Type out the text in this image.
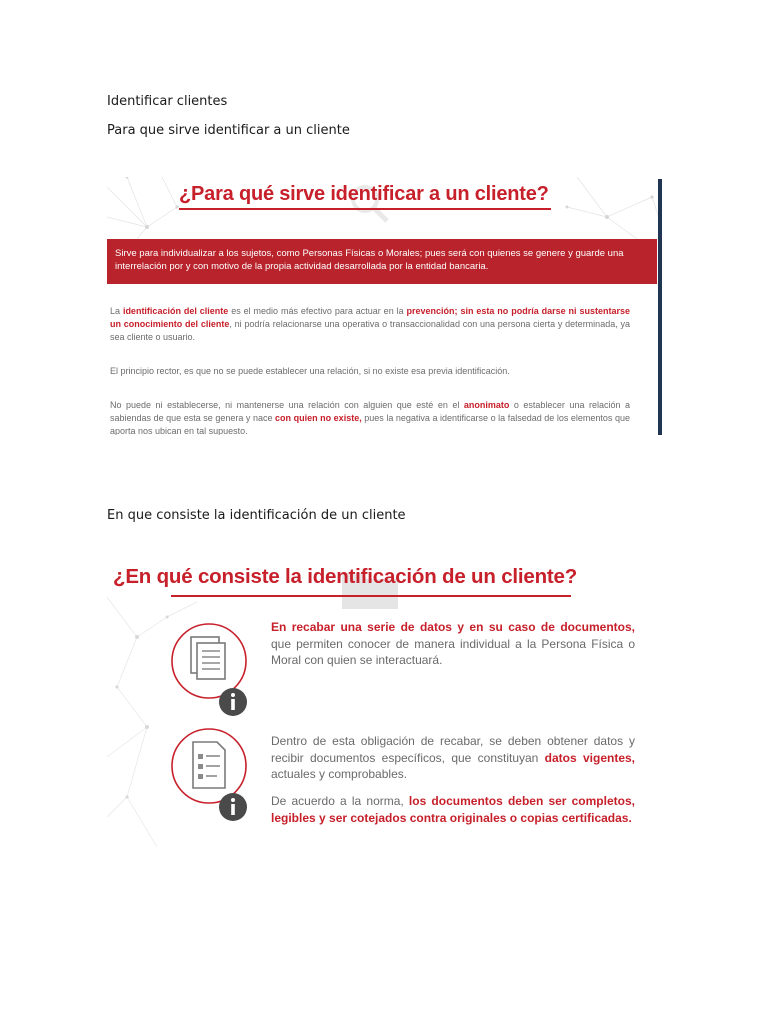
Identificar clientes
Para que sirve identificar a un cliente
¿Para qué sirve identificar a un cliente?
Sirve para individualizar a los sujetos, como Personas Físicas o Morales; pues será con quienes se genere y guarde una interrelación por y con motivo de la propia actividad desarrollada por la entidad bancaria.
La identificación del cliente es el medio más efectivo para actuar en la prevención; sin esta no podría darse ni sustentarse un conocimiento del cliente, ni podría relacionarse una operativa o transaccionalidad con una persona cierta y determinada, ya sea cliente o usuario.
El principio rector, es que no se puede establecer una relación, si no existe esa previa identificación.
No puede ni establecerse, ni mantenerse una relación con alguien que esté en el anonimato o establecer una relación a sabiendas de que esta se genera y nace con quien no existe, pues la negativa a identificarse o la falsedad de los elementos que aporta nos ubican en tal supuesto.
En que consiste la identificación de un cliente
¿En qué consiste la identificación de un cliente?
En recabar una serie de datos y en su caso de documentos, que permiten conocer de manera individual a la Persona Física o Moral con quien se interactuará.
Dentro de esta obligación de recabar, se deben obtener datos y recibir documentos específicos, que constituyan datos vigentes, actuales y comprobables.
De acuerdo a la norma, los documentos deben ser completos, legibles y ser cotejados contra originales o copias certificadas.
